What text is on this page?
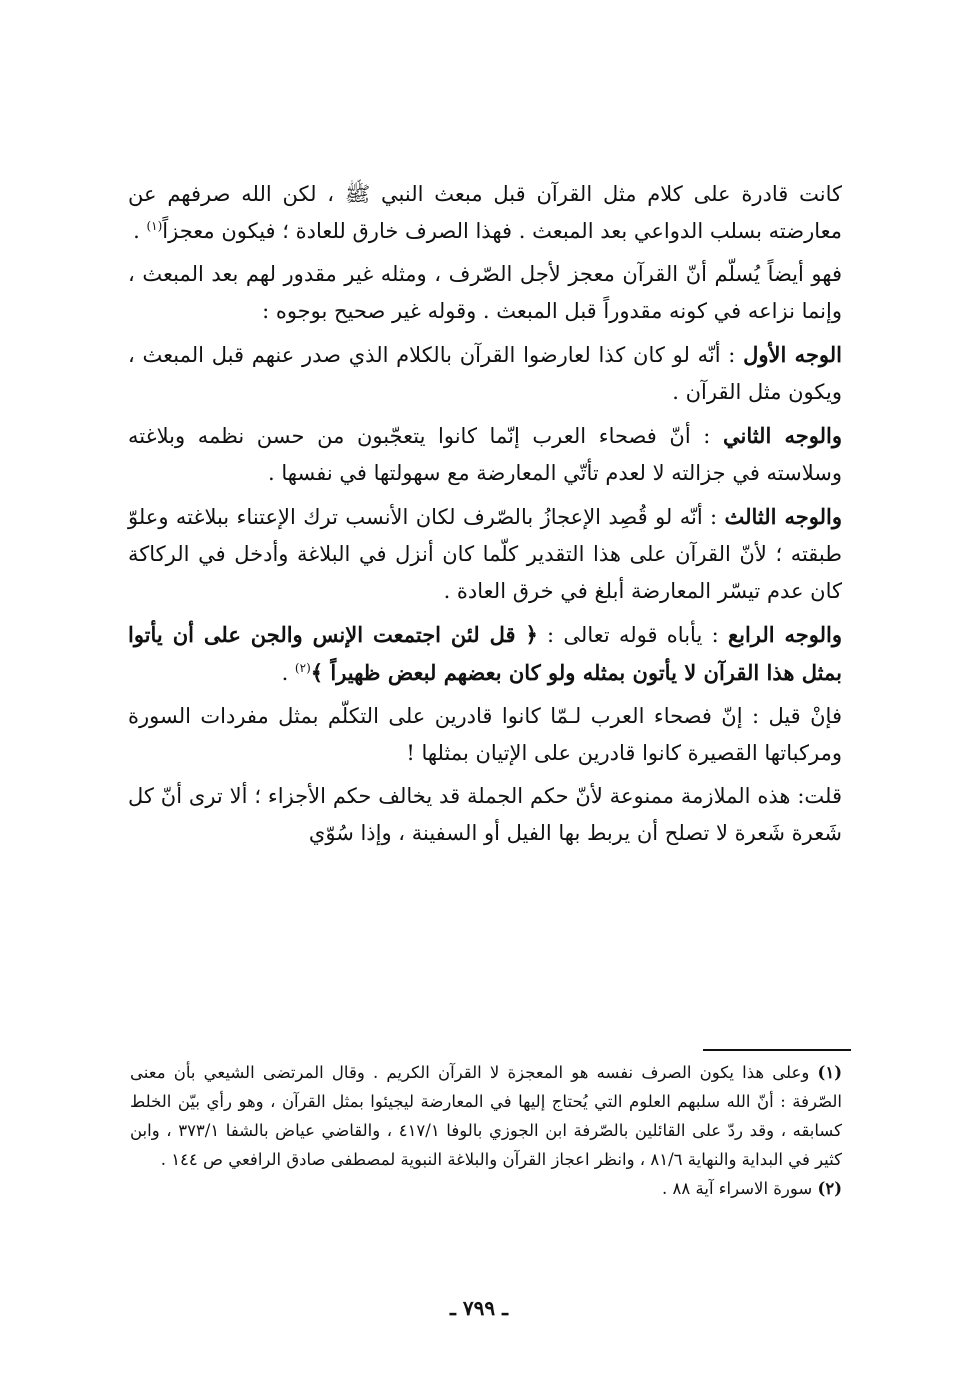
كانت قادرة على كلام مثل القرآن قبل مبعث النبي ﷺ ، لكن الله صرفهم عن معارضته بسلب الدواعي بعد المبعث . فهذا الصرف خارق للعادة ؛ فيكون معجزاً$^{(١)}$ .

فهو أيضاً يُسلّم أنّ القرآن معجز لأجل الصّرف ، ومثله غير مقدور لهم بعد المبعث ، وإنما نزاعه في كونه مقدوراً قبل المبعث . وقوله غير صحيح بوجوه :

الوجه الأول : أنّه لو كان كذا لعارضوا القرآن بالكلام الذي صدر عنهم قبل المبعث ، ويكون مثل القرآن .

والوجه الثاني : أنّ فصحاء العرب إنّما كانوا يتعجّبون من حسن نظمه وبلاغته وسلاسته في جزالته لا لعدم تأتّي المعارضة مع سهولتها في نفسها .

والوجه الثالث : أنّه لو قُصِد الإعجازُ بالصّرف لكان الأنسب ترك الإعتناء ببلاغته وعلوّ طبقته ؛ لأنّ القرآن على هذا التقدير كلّما كان أنزل في البلاغة وأدخل في الركاكة كان عدم تيسّر المعارضة أبلغ في خرق العادة .

والوجه الرابع : يأباه قوله تعالى : ﴿ قل لئن اجتمعت الإنس والجن على أن يأتوا بمثل هذا القرآن لا يأتون بمثله ولو كان بعضهم لبعض ظهيراً ﴾$^{(٢)}$ .

فإنْ قيل : إنّ فصحاء العرب لـمّا كانوا قادرين على التكلّم بمثل مفردات السورة ومركباتها القصيرة كانوا قادرين على الإتيان بمثلها !

قلت: هذه الملازمة ممنوعة لأنّ حكم الجملة قد يخالف حكم الأجزاء ؛ ألا ترى أنّ كل شَعرة شَعرة لا تصلح أن يربط بها الفيل أو السفينة ، وإذا سُوّي

(١) وعلى هذا يكون الصرف نفسه هو المعجزة لا القرآن الكريم . وقال المرتضى الشيعي بأن معنى الصّرفة : أنّ الله سلبهم العلوم التي يُحتاج إليها في المعارضة ليجيئوا بمثل القرآن ، وهو رأي بيّن الخلط كسابقه ، وقد ردّ على القائلين بالصّرفة ابن الجوزي بالوفا ٤١٧/١ ، والقاضي عياض بالشفا ٣٧٣/١ ، وابن كثير في البداية والنهاية ٨١/٦ ، وانظر اعجاز القرآن والبلاغة النبوية لمصطفى صادق الرافعي ص ١٤٤ .

(٢) سورة الاسراء آية ٨٨ .

ـ ٧٩٩ ـ
